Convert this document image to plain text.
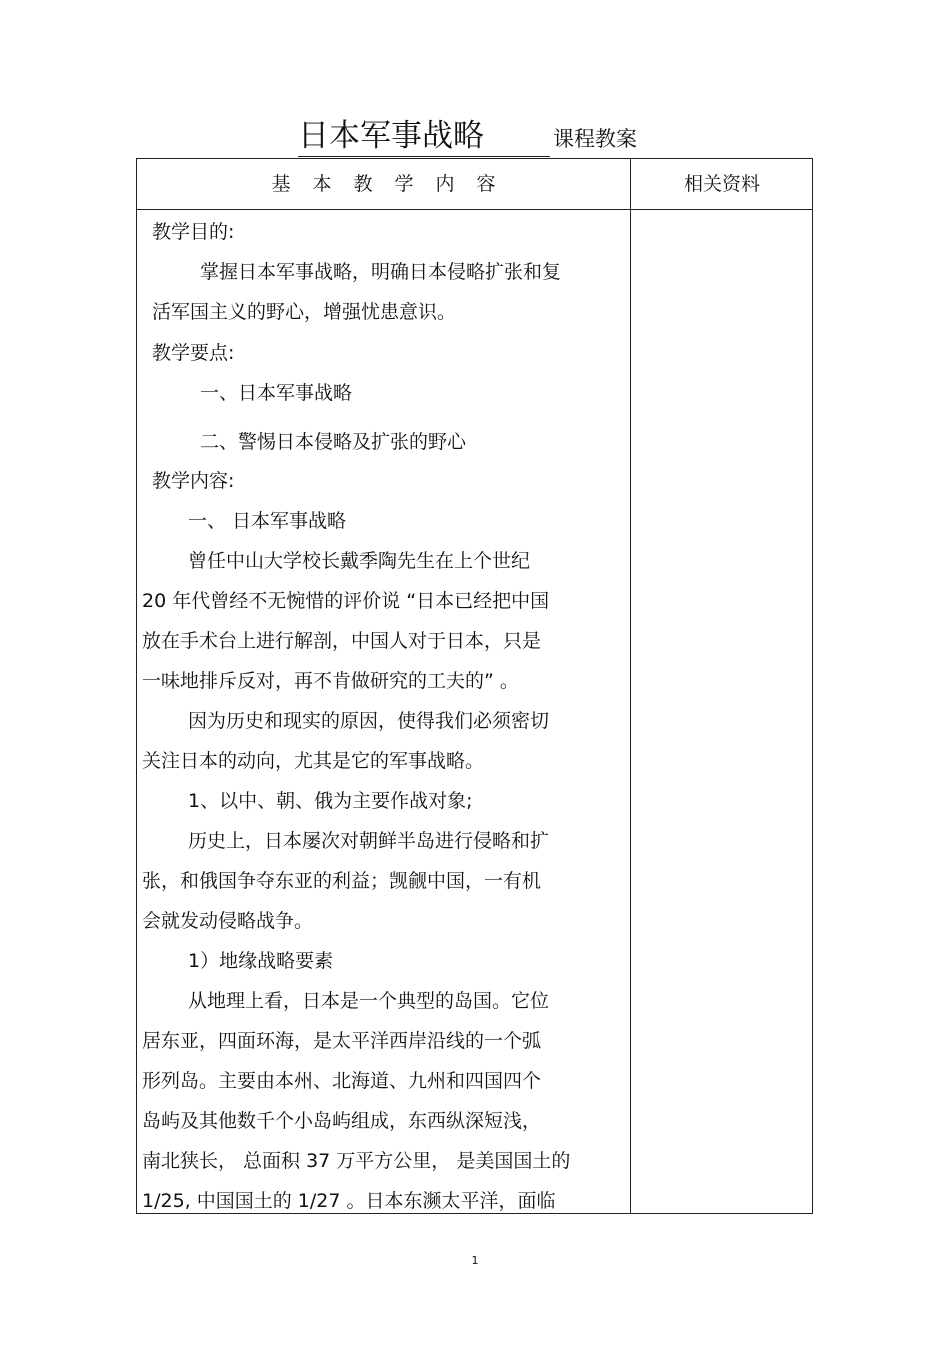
日本军事战略	课程教案
基本教学内容	相关资料
教学目的:
掌握日本军事战略，明确日本侵略扩张和复
活军国主义的野心，增强忧患意识。
教学要点:
一、日本军事战略
二、警惕日本侵略及扩张的野心
教学内容:
一、 日本军事战略
曾任中山大学校长戴季陶先生在上个世纪
20 年代曾经不无惋惜的评价说 “日本已经把中国
放在手术台上进行解剖，中国人对于日本，只是
一味地排斥反对，再不肯做研究的工夫的” 。
因为历史和现实的原因，使得我们必须密切
关注日本的动向，尤其是它的军事战略。
1、以中、朝、俄为主要作战对象;
历史上，日本屡次对朝鲜半岛进行侵略和扩
张，和俄国争夺东亚的利益；觊觎中国，一有机
会就发动侵略战争。
1）地缘战略要素
从地理上看，日本是一个典型的岛国。它位
居东亚，四面环海，是太平洋西岸沿线的一个弧
形列岛。主要由本州、北海道、九州和四国四个
岛屿及其他数千个小岛屿组成，东西纵深短浅，
南北狭长， 总面积 37 万平方公里， 是美国国土的
1/25, 中国国土的 1/27 。日本东濒太平洋，面临
1
